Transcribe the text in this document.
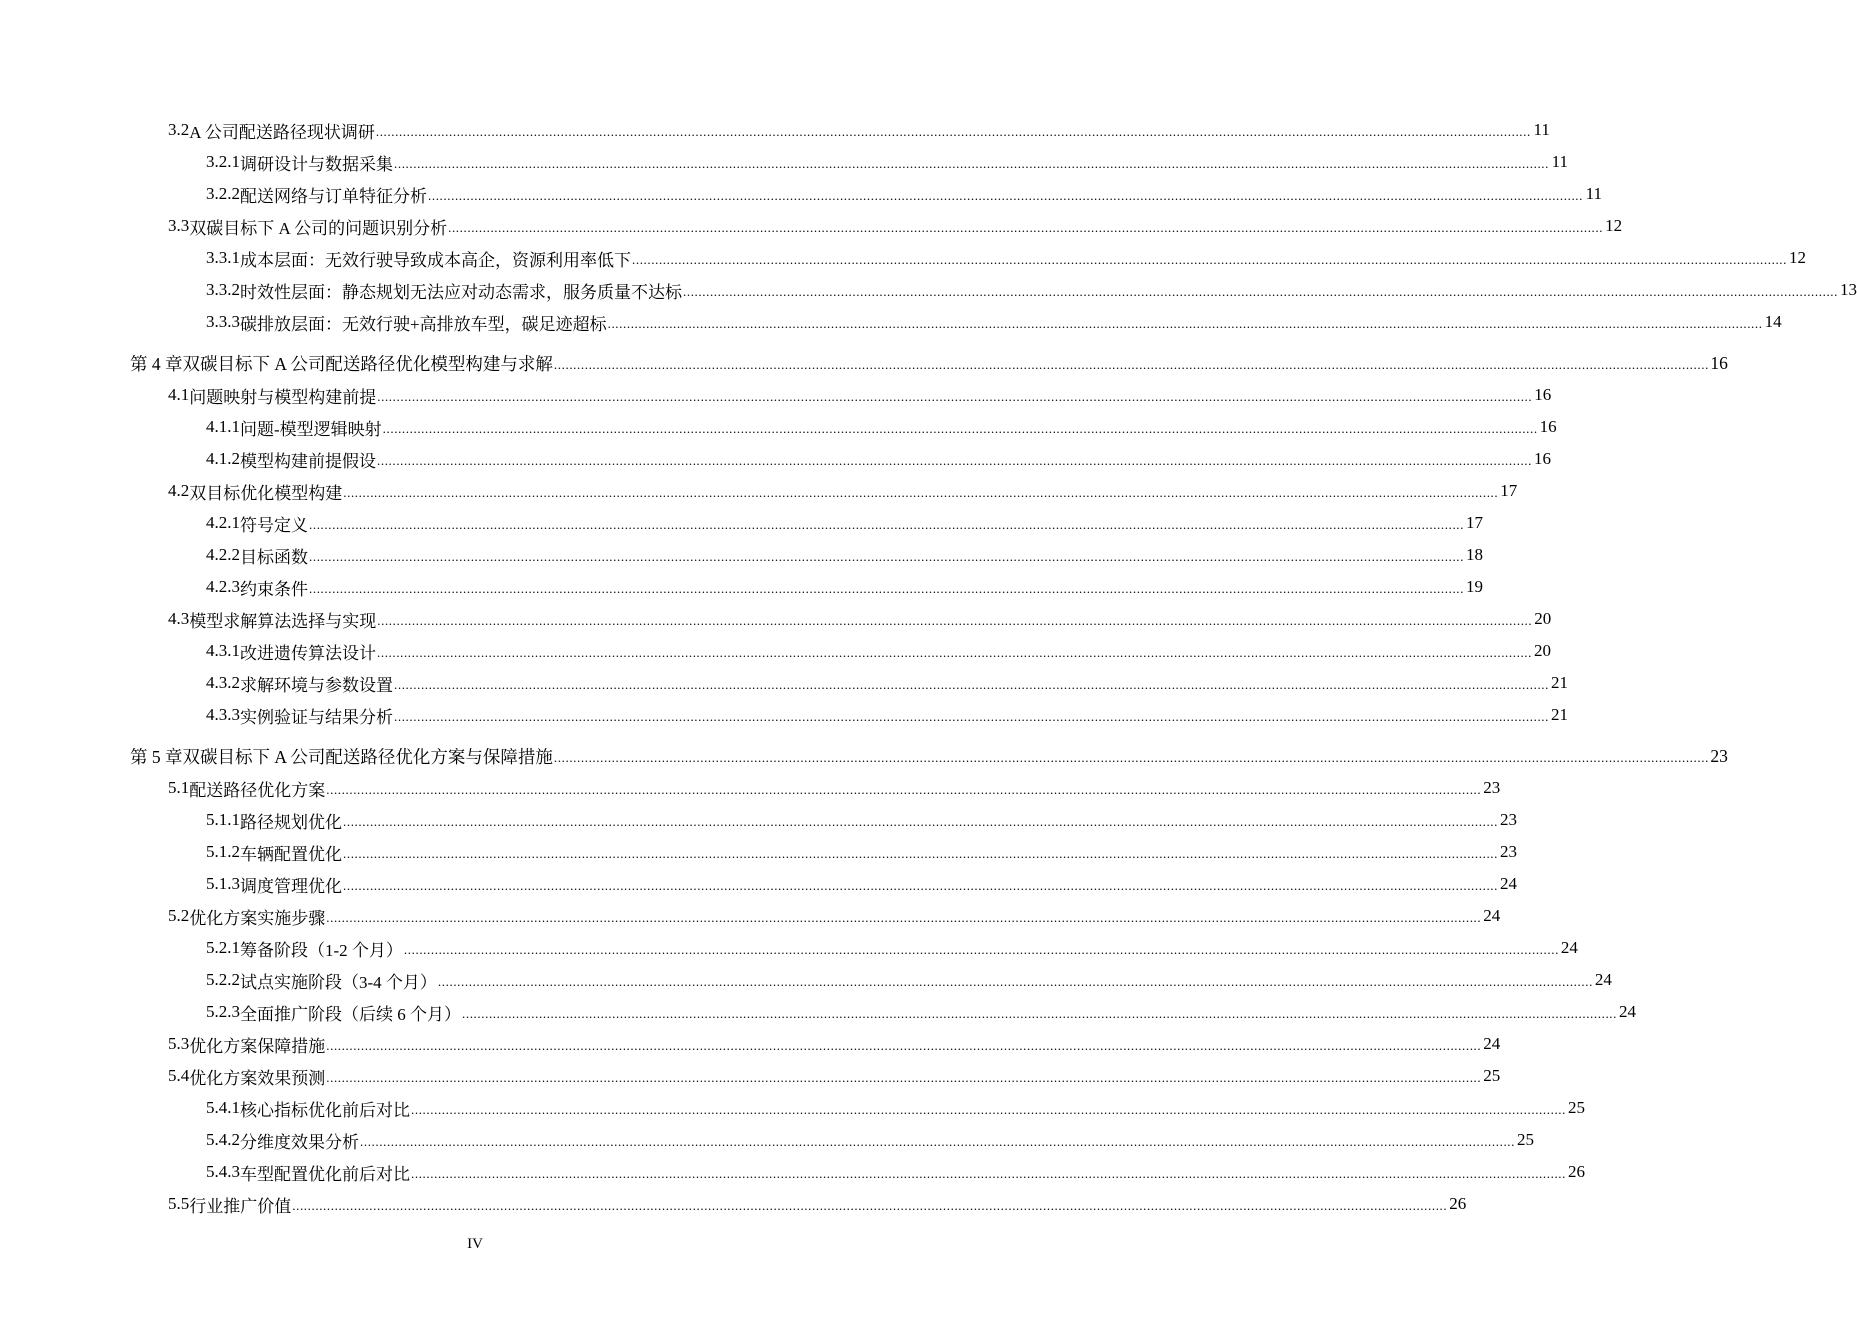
3.2 A 公司配送路径现状调研 ............................................................................................................................................................................................................................................................................................................ 11
3.2.1 调研设计与数据采集 ............................................................................................................................................................................................................................................................................................................ 11
3.2.2 配送网络与订单特征分析 ............................................................................................................................................................................................................................................................................................................ 11
3.3 双碳目标下 A 公司的问题识别分析 ............................................................................................................................................................................................................................................................................................................ 12
3.3.1 成本层面：无效行驶导致成本高企，资源利用率低下 ............................................................................................................................................................................................................................................................................................................ 12
3.3.2 时效性层面：静态规划无法应对动态需求，服务质量不达标 ............................................................................................................................................................................................................................................................................................................ 13
3.3.3 碳排放层面：无效行驶+高排放车型，碳足迹超标 ............................................................................................................................................................................................................................................................................................................ 14
第 4 章 双碳目标下 A 公司配送路径优化模型构建与求解 ............................................................................................................................................................................................................................................................................................................ 16
4.1 问题映射与模型构建前提 ............................................................................................................................................................................................................................................................................................................ 16
4.1.1 问题-模型逻辑映射 ............................................................................................................................................................................................................................................................................................................ 16
4.1.2 模型构建前提假设 ............................................................................................................................................................................................................................................................................................................ 16
4.2 双目标优化模型构建 ............................................................................................................................................................................................................................................................................................................ 17
4.2.1 符号定义 ............................................................................................................................................................................................................................................................................................................ 17
4.2.2 目标函数 ............................................................................................................................................................................................................................................................................................................ 18
4.2.3 约束条件 ............................................................................................................................................................................................................................................................................................................ 19
4.3 模型求解算法选择与实现 ............................................................................................................................................................................................................................................................................................................ 20
4.3.1 改进遗传算法设计 ............................................................................................................................................................................................................................................................................................................ 20
4.3.2 求解环境与参数设置 ............................................................................................................................................................................................................................................................................................................ 21
4.3.3 实例验证与结果分析 ............................................................................................................................................................................................................................................................................................................ 21
第 5 章 双碳目标下 A 公司配送路径优化方案与保障措施 ............................................................................................................................................................................................................................................................................................................ 23
5.1 配送路径优化方案 ............................................................................................................................................................................................................................................................................................................ 23
5.1.1 路径规划优化 ............................................................................................................................................................................................................................................................................................................ 23
5.1.2 车辆配置优化 ............................................................................................................................................................................................................................................................................................................ 23
5.1.3 调度管理优化 ............................................................................................................................................................................................................................................................................................................ 24
5.2 优化方案实施步骤 ............................................................................................................................................................................................................................................................................................................ 24
5.2.1 筹备阶段（1-2 个月） ............................................................................................................................................................................................................................................................................................................ 24
5.2.2 试点实施阶段（3-4 个月） ............................................................................................................................................................................................................................................................................................................ 24
5.2.3 全面推广阶段（后续 6 个月） ............................................................................................................................................................................................................................................................................................................ 24
5.3 优化方案保障措施 ............................................................................................................................................................................................................................................................................................................ 24
5.4 优化方案效果预测 ............................................................................................................................................................................................................................................................................................................ 25
5.4.1 核心指标优化前后对比 ............................................................................................................................................................................................................................................................................................................ 25
5.4.2 分维度效果分析 ............................................................................................................................................................................................................................................................................................................ 25
5.4.3 车型配置优化前后对比 ............................................................................................................................................................................................................................................................................................................ 26
5.5 行业推广价值 ............................................................................................................................................................................................................................................................................................................ 26
IV
